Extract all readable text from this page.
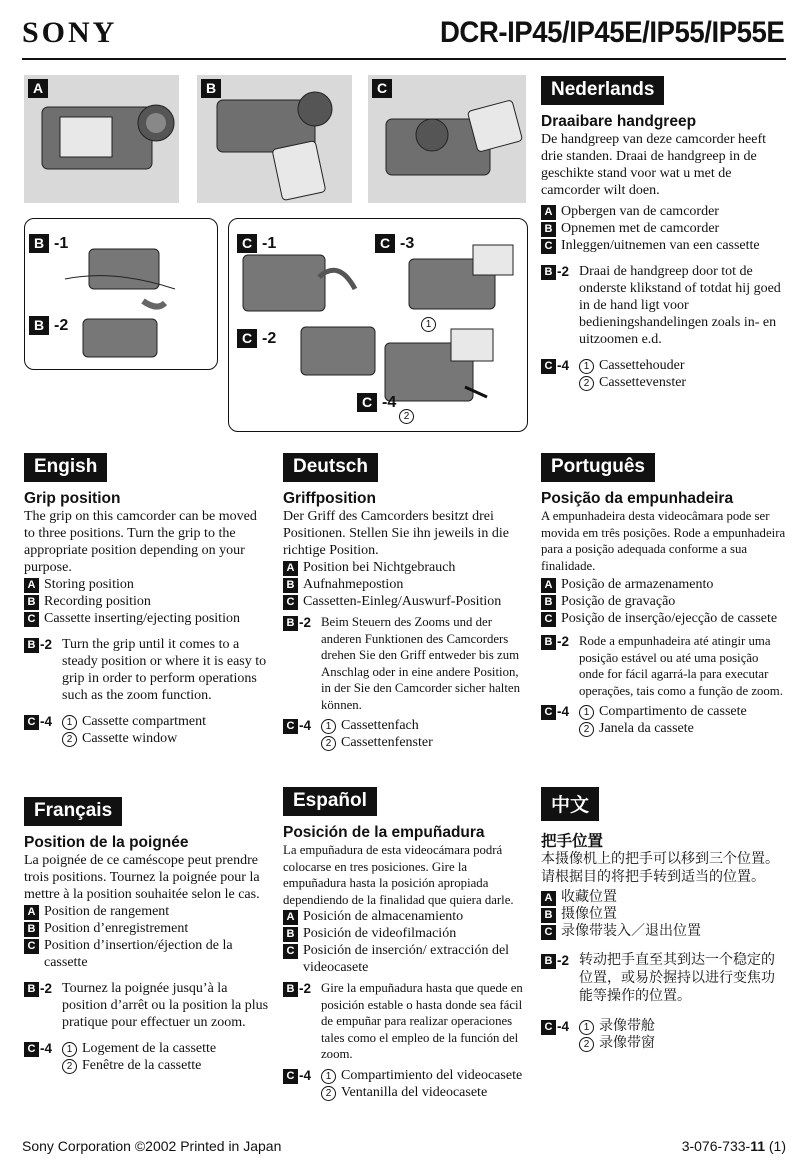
SONY	DCR-IP45/IP45E/IP55/IP55E
A	B	C
B -1
B -2
C -1	C -3
C -2
C -4
1
2
Nederlands

Draaibare handgreep

De handgreep van deze camcorder heeft drie standen. Draai de handgreep in de geschikte stand voor wat u met de camcorder wilt doen.

A Opbergen van de camcorder
B Opnemen met de camcorder
C Inleggen/uitnemen van een cassette
B -2 Draai de handgreep door tot de onderste klikstand of totdat hij goed in de hand ligt voor bedieningshandelingen zoals in- en uitzoomen e.d.

C -4	1 Cassettehouder
2 Cassettevenster
Engish

Grip position

The grip on this camcorder can be moved to three positions. Turn the grip to the appropriate position depending on your purpose.

A Storing position
B Recording position
C Cassette inserting/ejecting position
B -2 Turn the grip until it comes to a steady position or where it is easy to grip in order to perform operations such as the zoom function.

C -4	1 Cassette compartment
2 Cassette window
Deutsch

Griffposition

Der Griff des Camcorders besitzt drei Positionen. Stellen Sie ihn jeweils in die richtige Position.

A Position bei Nichtgebrauch
B Aufnahmepostion
C Cassetten-Einleg/Auswurf-Position
B -2 Beim Steuern des Zooms und der anderen Funktionen des Camcorders drehen Sie den Griff entweder bis zum Anschlag oder in eine andere Position, in der Sie den Camcorder sicher halten können.

C -4	1 Cassettenfach
2 Cassettenfenster
Português

Posição da empunhadeira

A empunhadeira desta videocâmara pode ser movida em três posições. Rode a empunhadeira para a posição adequada conforme a sua finalidade.

A Posição de armazenamento
B Posição de gravação
C Posição de inserção/ejecção de cassete
B -2 Rode a empunhadeira até atingir uma posição estável ou até uma posição onde for fácil agarrá-la para executar operações, tais como a função de zoom.

C -4	1 Compartimento de cassete
2 Janela da cassete
Français

Position de la poignée

La poignée de ce caméscope peut prendre trois positions. Tournez la poignée pour la mettre à la position souhaitée selon le cas.

A Position de rangement
B Position d’enregistrement
C Position d’insertion/éjection de la cassette
B -2 Tournez la poignée jusqu’à la position d’arrêt ou la position la plus pratique pour effectuer un zoom.

C -4	1 Logement de la cassette
2 Fenêtre de la cassette
Español

Posición de la empuñadura

La empuñadura de esta videocámara podrá colocarse en tres posiciones. Gire la empuñadura hasta la posición apropiada dependiendo de la finalidad que quiera darle.

A Posición de almacenamiento
B Posición de videofilmación
C Posición de inserción/ extracción del videocasete
B -2 Gire la empuñadura hasta que quede en posición estable o hasta donde sea fácil de empuñar para realizar operaciones tales como el empleo de la función del zoom.

C -4	1 Compartimiento del videocasete
2 Ventanilla del videocasete
中文

把手位置

本摄像机上的把手可以移到三个位置。请根据目的将把手转到适当的位置。

A 收藏位置
B 摄像位置
C 录像带装入／退出位置
B -2 转动把手直至其到达一个稳定的位置，或易於握持以进行变焦功能等操作的位置。

C -4	1 录像带舱
2 录像带窗
Sony Corporation ©2002 Printed in Japan	3-076-733-11 (1)
